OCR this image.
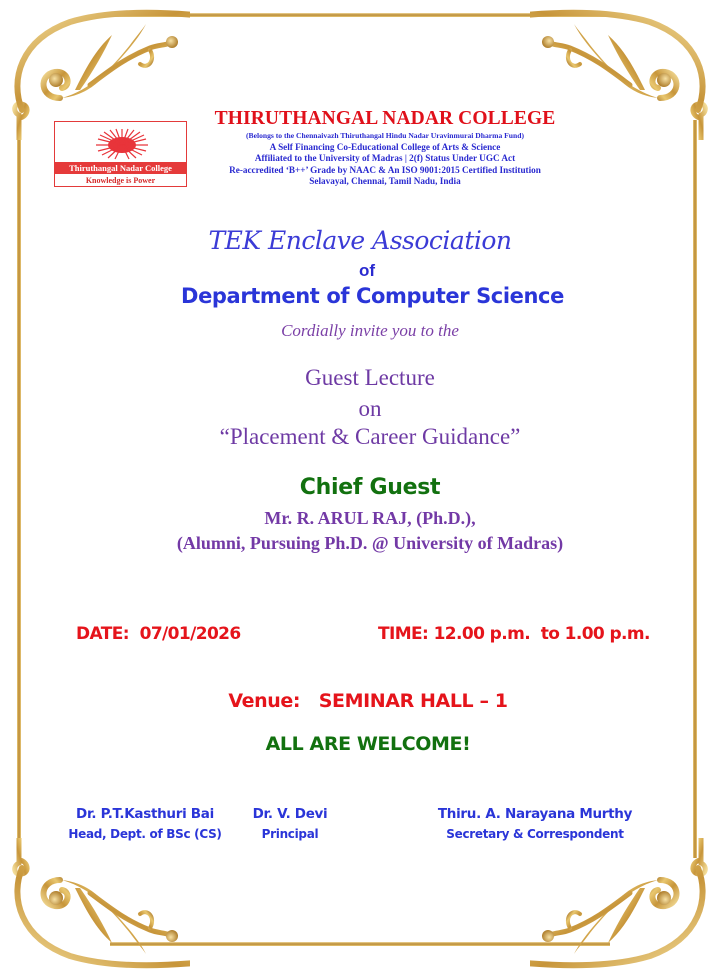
Thiruthangal Nadar College
Knowledge is Power
THIRUTHANGAL NADAR COLLEGE
(Belongs to the Chennaivazh Thiruthangal Hindu Nadar Uravinmurai Dharma Fund)
A Self Financing Co-Educational College of Arts & Science
Affiliated to the University of Madras | 2(f) Status Under UGC Act
Re-accredited ‘B++’ Grade by NAAC & An ISO 9001:2015 Certified Institution
Selavayal, Chennai, Tamil Nadu, India
TEK Enclave Association
of
Department of Computer Science
Cordially invite you to the
Guest Lecture
on
“Placement & Career Guidance”
Chief Guest
Mr. R. ARUL RAJ, (Ph.D.),
(Alumni, Pursuing Ph.D. @ University of Madras)
DATE:  07/01/2026	TIME: 12.00 p.m.  to 1.00 p.m.
Venue:   SEMINAR HALL – 1
ALL ARE WELCOME!
Dr. P.T.Kasthuri Bai
Head, Dept. of BSc (CS)
Dr. V. Devi
Principal
Thiru. A. Narayana Murthy
Secretary & Correspondent
